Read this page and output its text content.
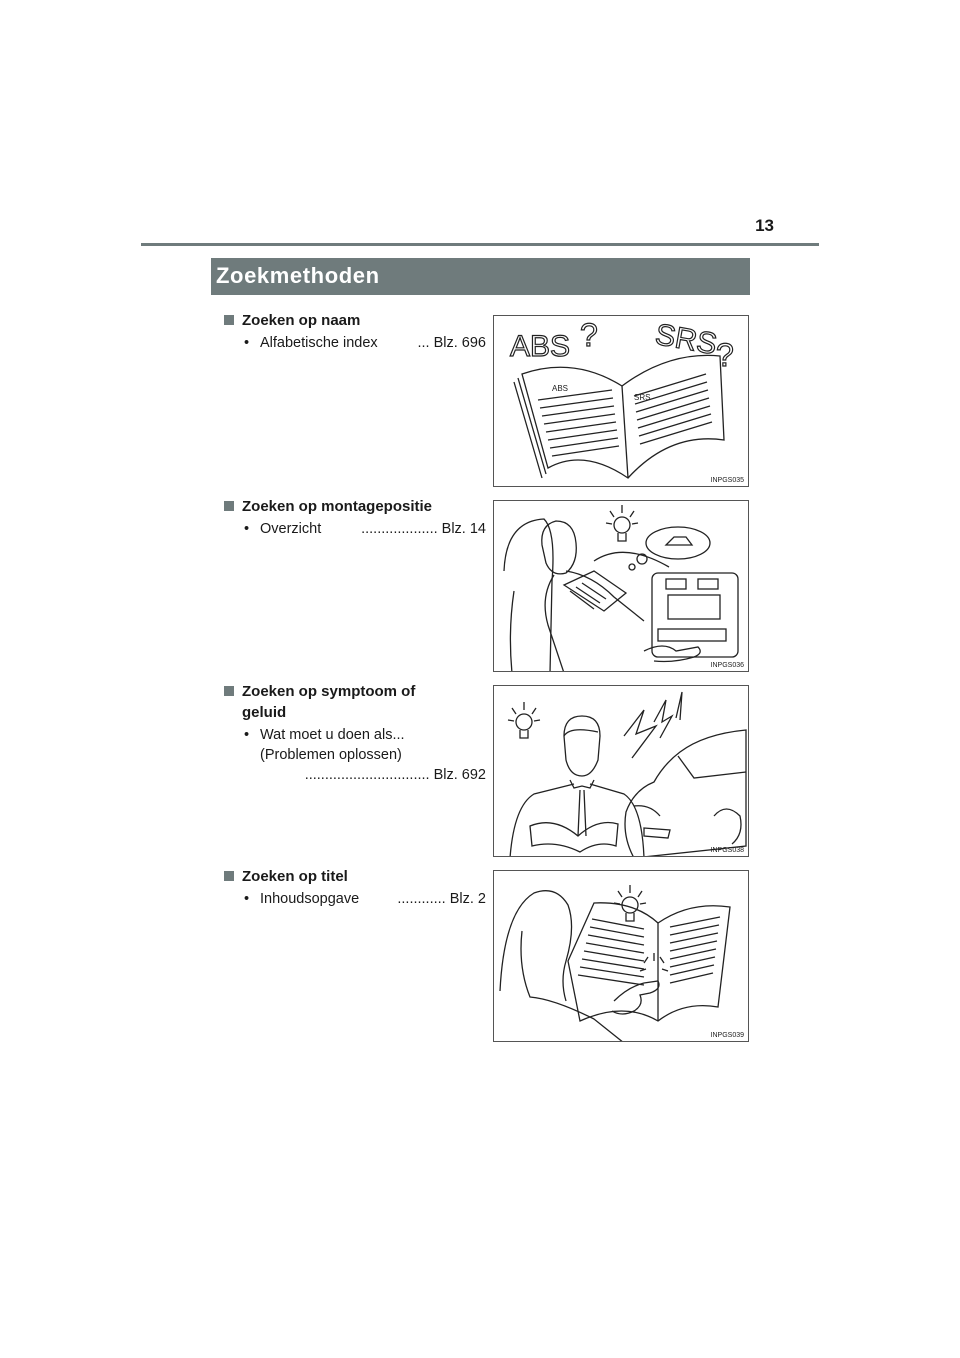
13
Zoekmethoden
Zoeken op naam
• Alfabetische index	... Blz. 696 ABS ? SRS
?
ABS
SRS
INPGS035
Zoeken op montagepositie
• Overzicht	................... Blz. 14
INPGS036
Zoeken op symptoom of
geluid
• Wat moet u doen als...
(Problemen oplossen)
............................... Blz. 692
INPGS038
Zoeken op titel
• Inhoudsopgave	............ Blz. 2
INPGS039
